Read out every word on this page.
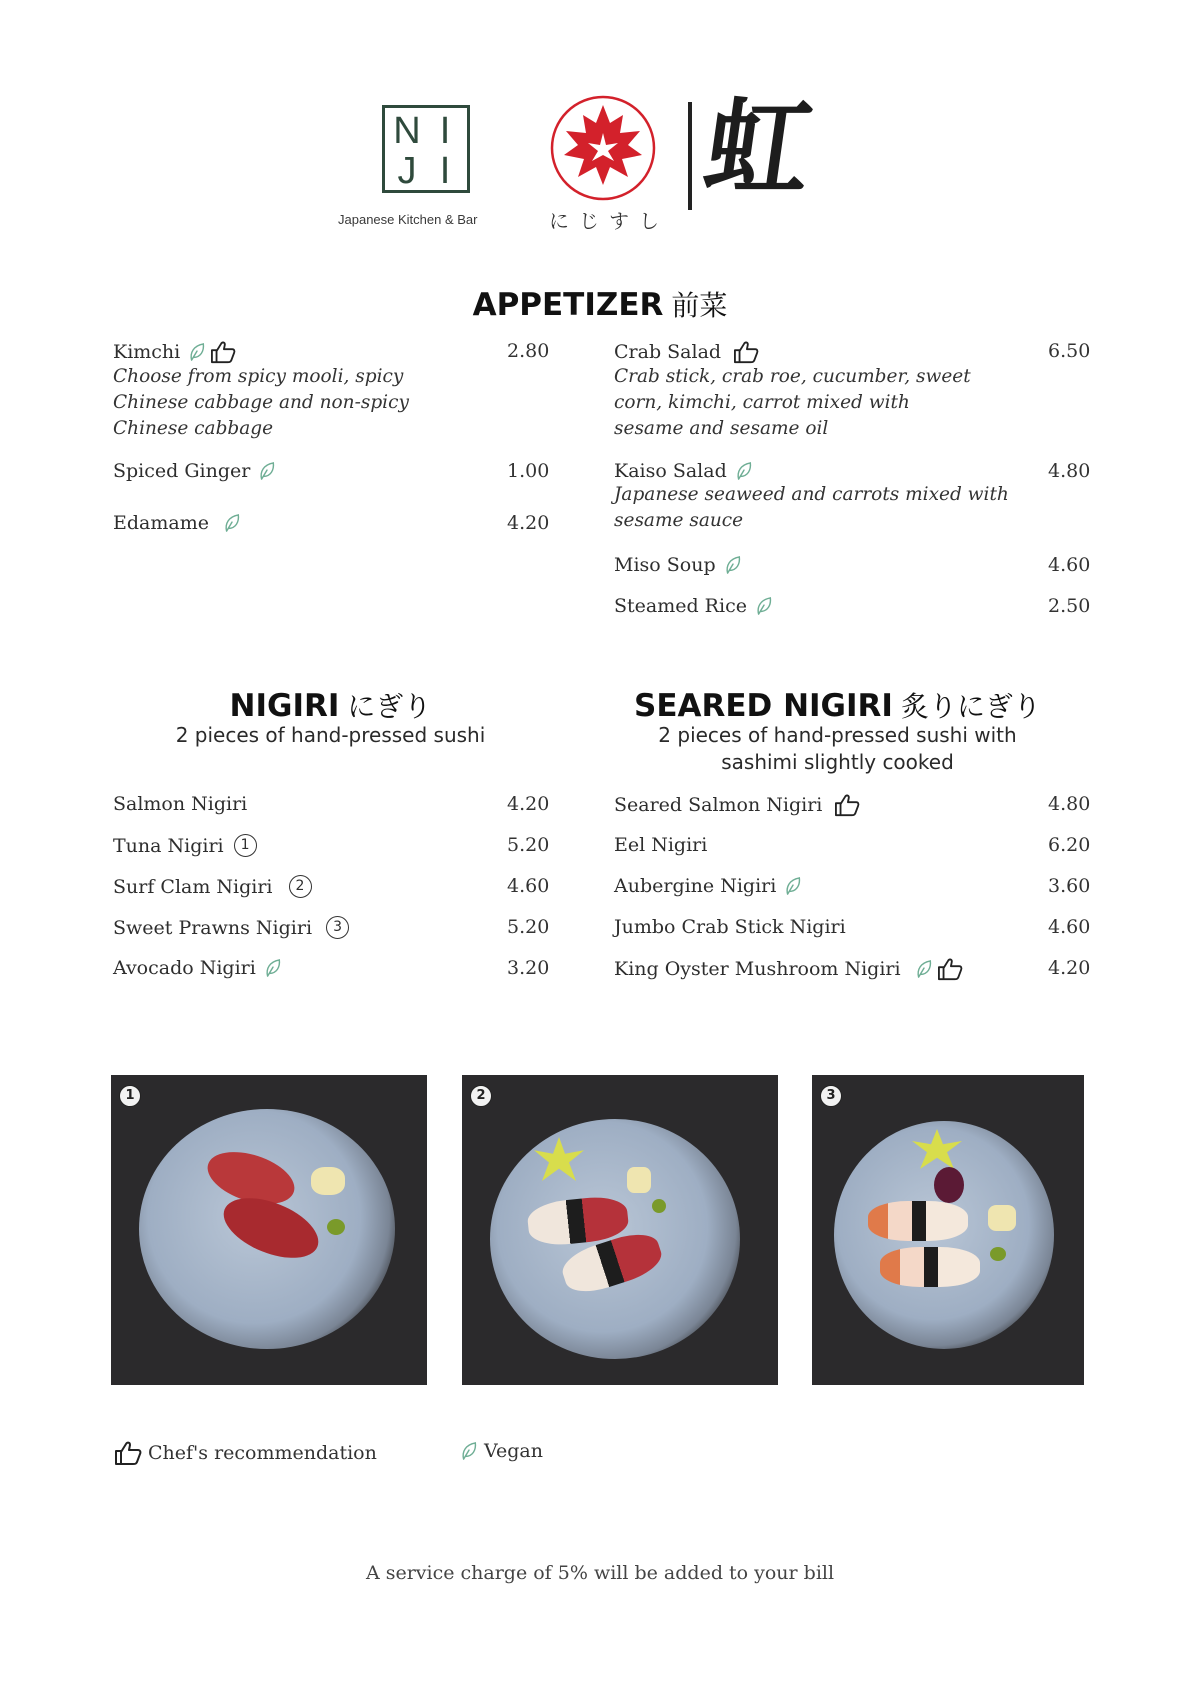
N I
J I
Japanese Kitchen & Bar	にじすし
虹
APPETIZER 前菜
Kimchi	2.80
Choose from spicy mooli, spicy Chinese cabbage and non-spicy Chinese cabbage
Spiced Ginger	1.00
Edamame	4.20
Crab Salad	6.50
Crab stick, crab roe, cucumber, sweet corn, kimchi, carrot mixed with sesame and sesame oil
Kaiso Salad	4.80
Japanese seaweed and carrots mixed with sesame sauce
Miso Soup	4.60
Steamed Rice	2.50
NIGIRI にぎり
2 pieces of hand-pressed sushi
Salmon Nigiri	4.20
Tuna Nigiri	1	5.20
Surf Clam Nigiri	2	4.60
Sweet Prawns Nigiri	3	5.20
Avocado Nigiri	3.20
SEARED NIGIRI 炙りにぎり
2 pieces of hand-pressed sushi with
sashimi slightly cooked
Seared Salmon Nigiri	4.80
Eel Nigiri	6.20
Aubergine Nigiri	3.60
Jumbo Crab Stick Nigiri	4.60
King Oyster Mushroom Nigiri	4.20
1	2	3
Chef's recommendation	Vegan
A service charge of 5% will be added to your bill
